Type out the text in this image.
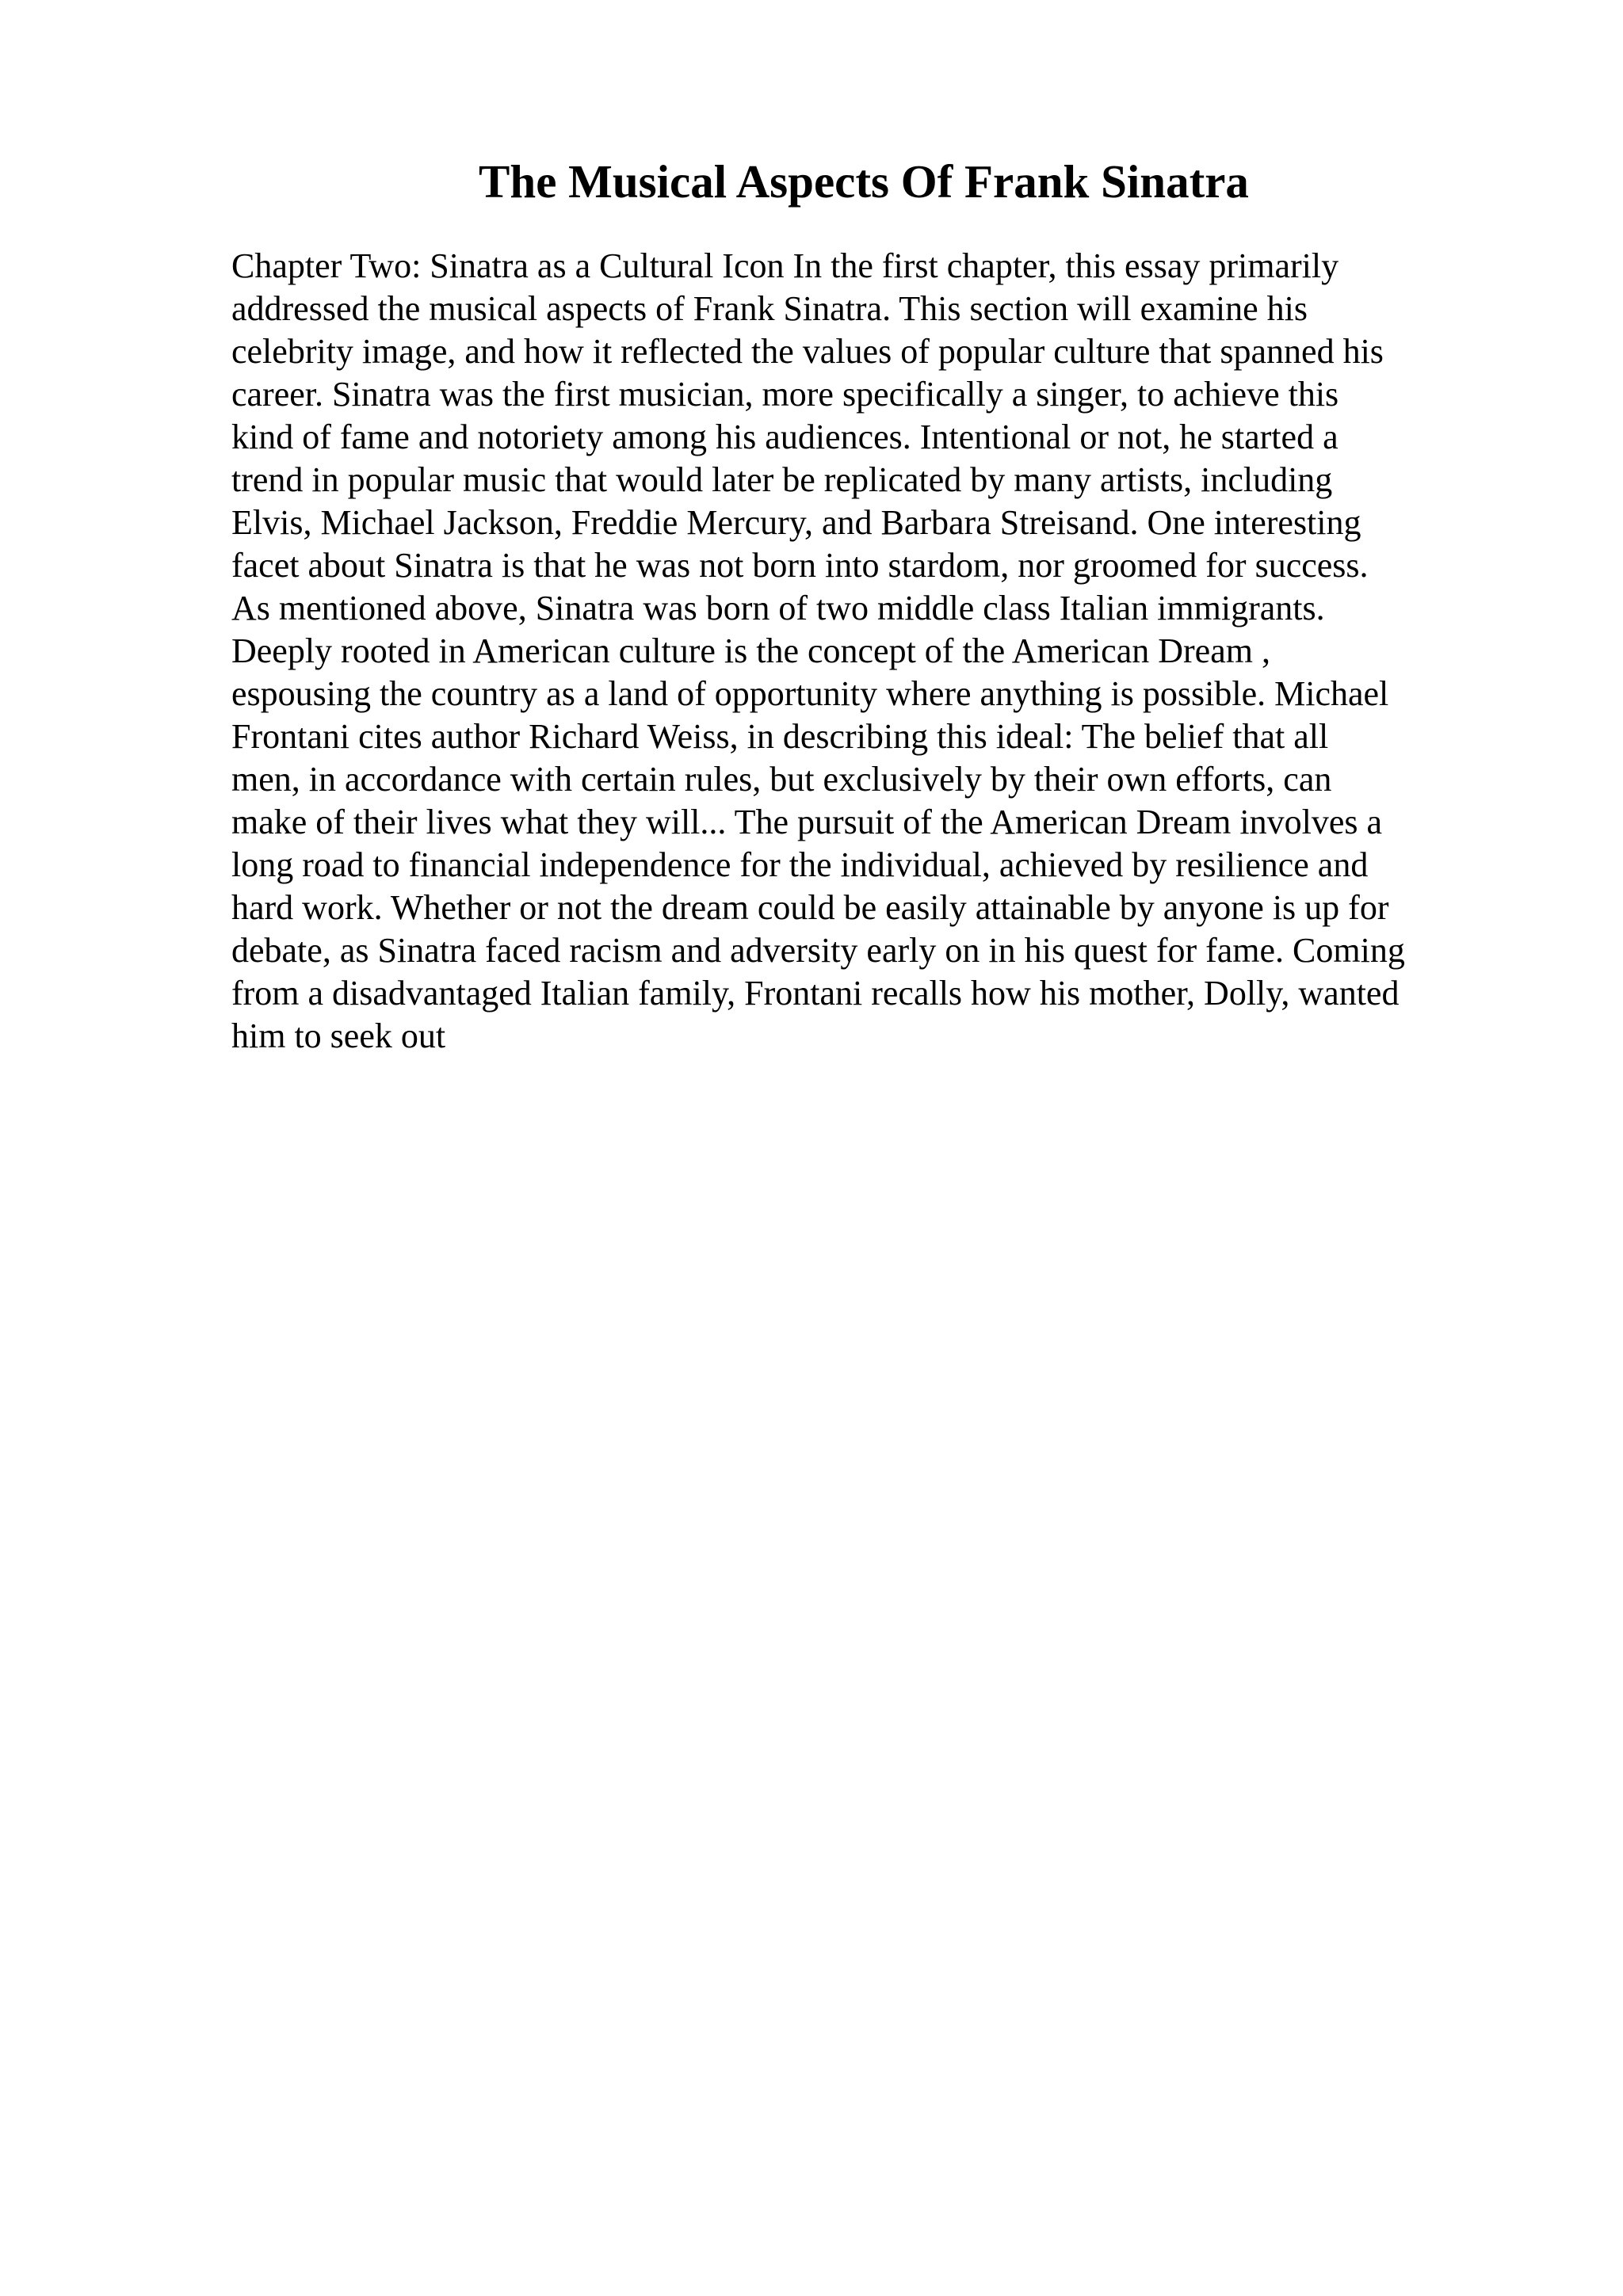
The Musical Aspects Of Frank Sinatra
Chapter Two: Sinatra as a Cultural Icon In the first chapter, this essay primarily
addressed the musical aspects of Frank Sinatra. This section will examine his
celebrity image, and how it reflected the values of popular culture that spanned his
career. Sinatra was the first musician, more specifically a singer, to achieve this
kind of fame and notoriety among his audiences. Intentional or not, he started a
trend in popular music that would later be replicated by many artists, including
Elvis, Michael Jackson, Freddie Mercury, and Barbara Streisand. One interesting
facet about Sinatra is that he was not born into stardom, nor groomed for success.
As mentioned above, Sinatra was born of two middle class Italian immigrants.
Deeply rooted in American culture is the concept of the American Dream ,
espousing the country as a land of opportunity where anything is possible. Michael
Frontani cites author Richard Weiss, in describing this ideal: The belief that all
men, in accordance with certain rules, but exclusively by their own efforts, can
make of their lives what they will... The pursuit of the American Dream involves a
long road to financial independence for the individual, achieved by resilience and
hard work. Whether or not the dream could be easily attainable by anyone is up for
debate, as Sinatra faced racism and adversity early on in his quest for fame. Coming
from a disadvantaged Italian family, Frontani recalls how his mother, Dolly, wanted
him to seek out
